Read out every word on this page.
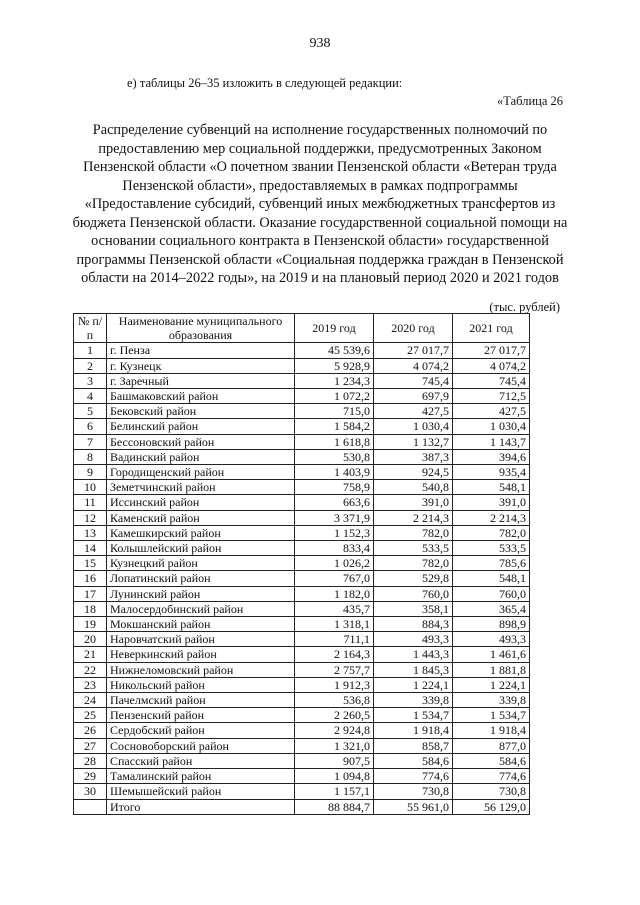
938
е) таблицы 26–35 изложить в следующей редакции:
«Таблица 26
Распределение субвенций на исполнение государственных полномочий по предоставлению мер социальной поддержки, предусмотренных Законом Пензенской области «О почетном звании Пензенской области «Ветеран труда Пензенской области», предоставляемых в рамках подпрограммы «Предоставление субсидий, субвенций иных межбюджетных трансфертов из бюджета Пензенской области. Оказание государственной социальной помощи на основании социального контракта в Пензенской области» государственной программы Пензенской области «Социальная поддержка граждан в Пензенской области на 2014–2022 годы», на 2019 и на плановый период 2020 и 2021 годов
(тыс. рублей)
№ п/п	Наименование муниципального образования	2019 год	2020 год	2021 год
1	г. Пенза	45 539,6	27 017,7	27 017,7
2	г. Кузнецк	5 928,9	4 074,2	4 074,2
3	г. Заречный	1 234,3	745,4	745,4
4	Башмаковский район	1 072,2	697,9	712,5
5	Бековский район	715,0	427,5	427,5
6	Белинский район	1 584,2	1 030,4	1 030,4
7	Бессоновский район	1 618,8	1 132,7	1 143,7
8	Вадинский район	530,8	387,3	394,6
9	Городищенский район	1 403,9	924,5	935,4
10	Земетчинский район	758,9	540,8	548,1
11	Иссинский район	663,6	391,0	391,0
12	Каменский район	3 371,9	2 214,3	2 214,3
13	Камешкирский район	1 152,3	782,0	782,0
14	Колышлейский район	833,4	533,5	533,5
15	Кузнецкий район	1 026,2	782,0	785,6
16	Лопатинский район	767,0	529,8	548,1
17	Лунинский район	1 182,0	760,0	760,0
18	Малосердобинский район	435,7	358,1	365,4
19	Мокшанский район	1 318,1	884,3	898,9
20	Наровчатский район	711,1	493,3	493,3
21	Неверкинский район	2 164,3	1 443,3	1 461,6
22	Нижнеломовский район	2 757,7	1 845,3	1 881,8
23	Никольский район	1 912,3	1 224,1	1 224,1
24	Пачелмский район	536,8	339,8	339,8
25	Пензенский район	2 260,5	1 534,7	1 534,7
26	Сердобский район	2 924,8	1 918,4	1 918,4
27	Сосновоборский район	1 321,0	858,7	877,0
28	Спасский район	907,5	584,6	584,6
29	Тамалинский район	1 094,8	774,6	774,6
30	Шемышейский район	1 157,1	730,8	730,8
	Итого	88 884,7	55 961,0	56 129,0
